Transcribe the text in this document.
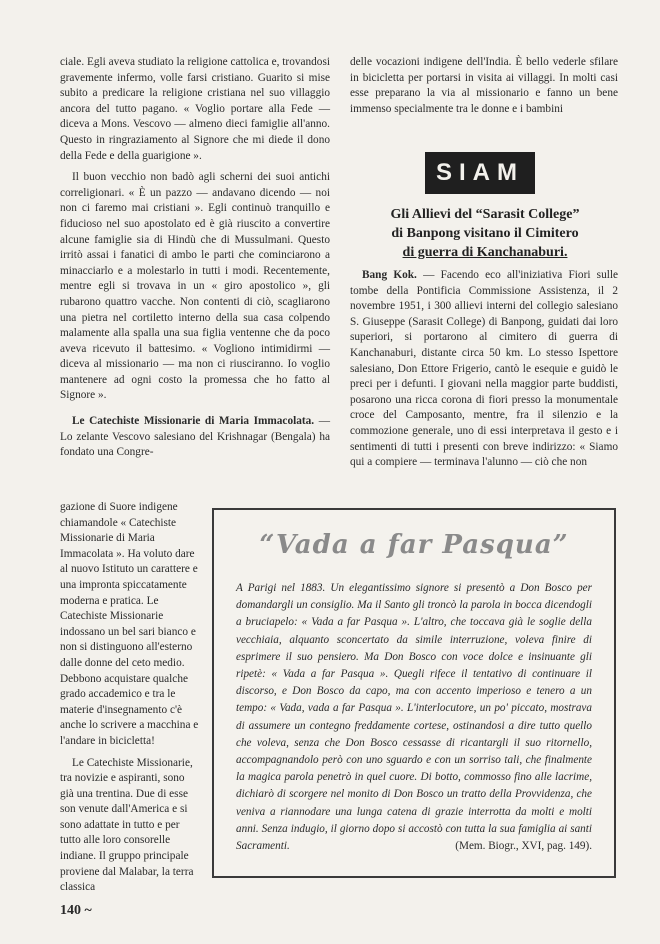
ciale. Egli aveva studiato la religione cattolica e, trovandosi gravemente infermo, volle farsi cristiano. Guarito si mise subito a predicare la religione cristiana nel suo villaggio ancora del tutto pagano. « Voglio portare alla Fede — diceva a Mons. Vescovo — almeno dieci famiglie all'anno. Questo in ringraziamento al Signore che mi diede il dono della Fede e della guarigione ».

Il buon vecchio non badò agli scherni dei suoi antichi correligionari. « È un pazzo — andavano dicendo — noi non ci faremo mai cristiani ». Egli continuò tranquillo e fiducioso nel suo apostolato ed è già riuscito a convertire alcune famiglie sia di Hindù che di Mussulmani. Questo irritò assai i fanatici di ambo le parti che cominciarono a minacciarlo e a molestarlo in tutti i modi. Recentemente, mentre egli si trovava in un « giro apostolico », gli rubarono quattro vacche. Non contenti di ciò, scagliarono una pietra nel cortiletto interno della sua casa colpendo malamente alla spalla una sua figlia ventenne che da poco aveva ricevuto il battesimo. « Vogliono intimidirmi — diceva al missionario — ma non ci riusciranno. Io voglio mantenere ad ogni costo la promessa che ho fatto al Signore ».

Le Catechiste Missionarie di Maria Immacolata. — Lo zelante Vescovo salesiano del Krishnagar (Bengala) ha fondato una Congre-

gazione di Suore indigene chiamandole « Catechiste Missionarie di Maria Immacolata ». Ha voluto dare al nuovo Istituto un carattere e una impronta spiccatamente moderna e pratica. Le Catechiste Missionarie indossano un bel sari bianco e non si distinguono all'esterno dalle donne del ceto medio. Debbono acquistare qualche grado accademico e tra le materie d'insegnamento c'è anche lo scrivere a macchina e l'andare in bicicletta!

Le Catechiste Missionarie, tra novizie e aspiranti, sono già una trentina. Due di esse son venute dall'America e si sono adattate in tutto e per tutto alle loro consorelle indiane. Il gruppo principale proviene dal Malabar, la terra classica

delle vocazioni indigene dell'India. È bello vederle sfilare in bicicletta per portarsi in visita ai villaggi. In molti casi esse preparano la via al missionario e fanno un bene immenso specialmente tra le donne e i bambini

SIAM
Gli Allievi del “Sarasit College”
di Banpong visitano il Cimitero
di guerra di Kanchanaburi.

Bang Kok. — Facendo eco all'iniziativa Fiori sulle tombe della Pontificia Commissione Assistenza, il 2 novembre 1951, i 300 allievi interni del collegio salesiano S. Giuseppe (Sarasit College) di Banpong, guidati dai loro superiori, si portarono al cimitero di guerra di Kanchanaburi, distante circa 50 km. Lo stesso Ispettore salesiano, Don Ettore Frigerio, cantò le esequie e guidò le preci per i defunti. I giovani nella maggior parte buddisti, posarono una ricca corona di fiori presso la monumentale croce del Camposanto, mentre, fra il silenzio e la commozione generale, uno di essi interpretava il gesto e i sentimenti di tutti i presenti con breve indirizzo: « Siamo qui a compiere — terminava l'alunno — ciò che non

“Vada a far Pasqua”
A Parigi nel 1883. Un elegantissimo signore si presentò a Don Bosco per domandargli un consiglio. Ma il Santo gli troncò la parola in bocca dicendogli a bruciapelo: « Vada a far Pasqua ». L'altro, che toccava già le soglie della vecchiaia, alquanto sconcertato da simile interruzione, voleva finire di esprimere il suo pensiero. Ma Don Bosco con voce dolce e insinuante gli ripetè: « Vada a far Pasqua ». Quegli rifece il tentativo di continuare il discorso, e Don Bosco da capo, ma con accento imperioso e tenero a un tempo: « Vada, vada a far Pasqua ». L'interlocutore, un po' piccato, mostrava di assumere un contegno freddamente cortese, ostinandosi a dire tutto quello che voleva, senza che Don Bosco cessasse di ricantargli il suo ritornello, accompagnandolo però con uno sguardo e con un sorriso tali, che finalmente la magica parola penetrò in quel cuore. Di botto, commosso fino alle lacrime, dichiarò di scorgere nel monito di Don Bosco un tratto della Provvidenza, che veniva a riannodare una lunga catena di grazie interrotta da molti e molti anni. Senza indugio, il giorno dopo si accostò con tutta la sua famiglia ai santi Sacramenti.	(Mem. Biogr., XVI, pag. 149).
140 ~
